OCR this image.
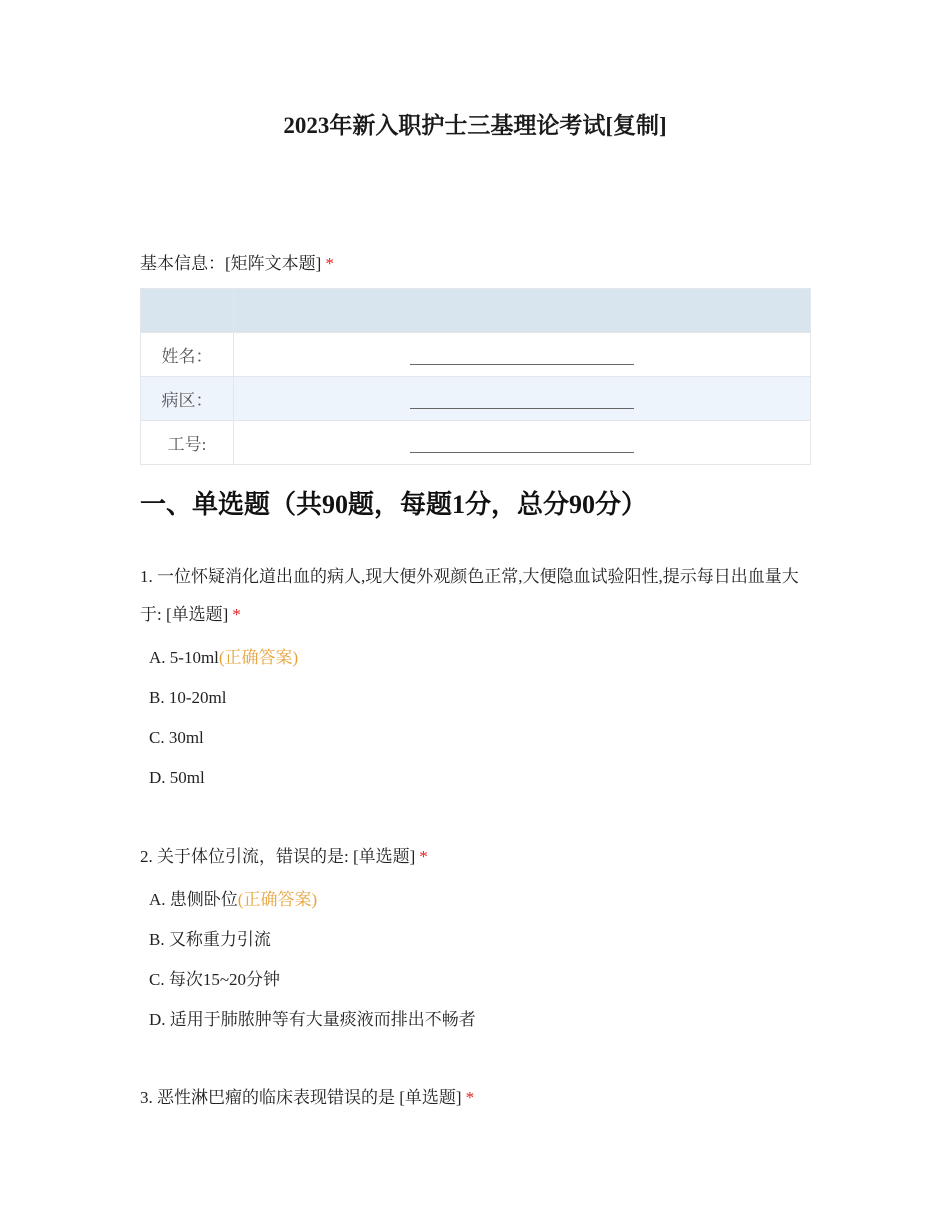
2023年新入职护士三基理论考试[复制]
基本信息：[矩阵文本题] *

姓名：	
病区：	
工号:	
一、单选题（共90题，每题1分，总分90分）

1. 一位怀疑消化道出血的病人,现大便外观颜色正常,大便隐血试验阳性,提示每日出血量大于: [单选题] *

A. 5-10ml(正确答案)

B. 10-20ml

C. 30ml

D. 50ml

2. 关于体位引流，错误的是: [单选题] *

A. 患侧卧位(正确答案)

B. 又称重力引流

C. 每次15~20分钟

D. 适用于肺脓肿等有大量痰液而排出不畅者

3. 恶性淋巴瘤的临床表现错误的是 [单选题] *
